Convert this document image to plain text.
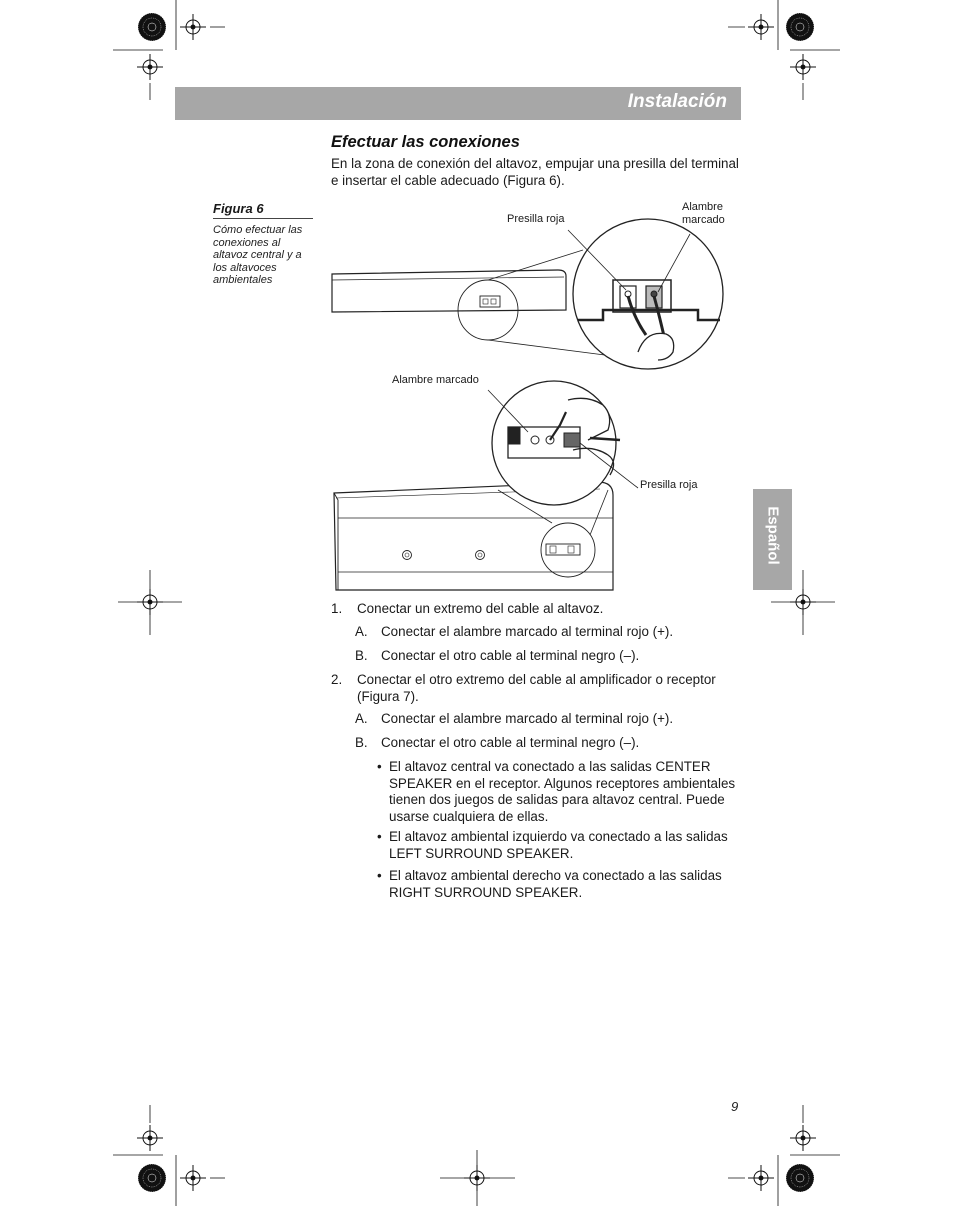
Instalación
Efectuar las conexiones
En la zona de conexión del altavoz, empujar una presilla del terminal e insertar el cable adecuado (Figura 6).
Figura 6
Cómo efectuar las conexiones al altavoz central y a los altavoces ambientales
Presilla roja
Alambre marcado
Alambre marcado
Presilla roja
Español
1. Conectar un extremo del cable al altavoz.
A. Conectar el alambre marcado al terminal rojo (+).
B. Conectar el otro cable al terminal negro (–).
2. Conectar el otro extremo del cable al amplificador o receptor (Figura 7).
A. Conectar el alambre marcado al terminal rojo (+).
B. Conectar el otro cable al terminal negro (–).
• El altavoz central va conectado a las salidas CENTER SPEAKER en el receptor. Algunos receptores ambientales tienen dos juegos de salidas para altavoz central. Puede usarse cualquiera de ellas.
• El altavoz ambiental izquierdo va conectado a las salidas LEFT SURROUND SPEAKER.
• El altavoz ambiental derecho va conectado a las salidas RIGHT SURROUND SPEAKER.
9
